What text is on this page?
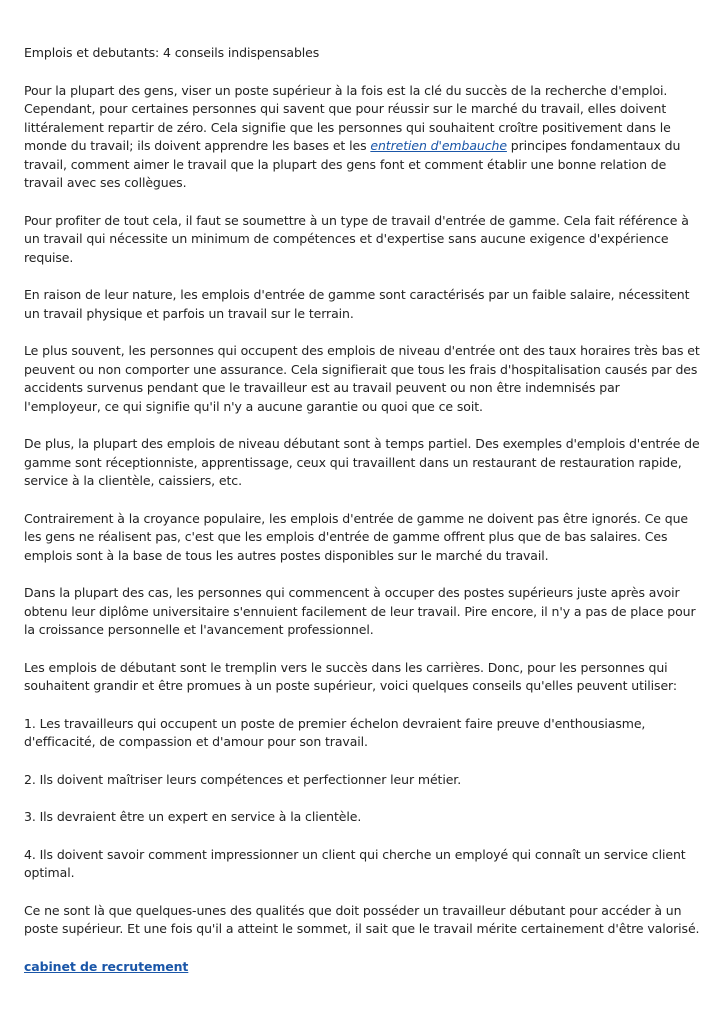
Emplois et debutants: 4 conseils indispensables

Pour la plupart des gens, viser un poste supérieur à la fois est la clé du succès de la recherche d'emploi. Cependant, pour certaines personnes qui savent que pour réussir sur le marché du travail, elles doivent littéralement repartir de zéro. Cela signifie que les personnes qui souhaitent croître positivement dans le monde du travail; ils doivent apprendre les bases et les entretien d'embauche principes fondamentaux du travail, comment aimer le travail que la plupart des gens font et comment établir une bonne relation de travail avec ses collègues.

Pour profiter de tout cela, il faut se soumettre à un type de travail d'entrée de gamme. Cela fait référence à un travail qui nécessite un minimum de compétences et d'expertise sans aucune exigence d'expérience requise.

En raison de leur nature, les emplois d'entrée de gamme sont caractérisés par un faible salaire, nécessitent un travail physique et parfois un travail sur le terrain.

Le plus souvent, les personnes qui occupent des emplois de niveau d'entrée ont des taux horaires très bas et peuvent ou non comporter une assurance. Cela signifierait que tous les frais d'hospitalisation causés par des accidents survenus pendant que le travailleur est au travail peuvent ou non être indemnisés par l'employeur, ce qui signifie qu'il n'y a aucune garantie ou quoi que ce soit.

De plus, la plupart des emplois de niveau débutant sont à temps partiel. Des exemples d'emplois d'entrée de gamme sont réceptionniste, apprentissage, ceux qui travaillent dans un restaurant de restauration rapide, service à la clientèle, caissiers, etc.

Contrairement à la croyance populaire, les emplois d'entrée de gamme ne doivent pas être ignorés. Ce que les gens ne réalisent pas, c'est que les emplois d'entrée de gamme offrent plus que de bas salaires. Ces emplois sont à la base de tous les autres postes disponibles sur le marché du travail.

Dans la plupart des cas, les personnes qui commencent à occuper des postes supérieurs juste après avoir obtenu leur diplôme universitaire s'ennuient facilement de leur travail. Pire encore, il n'y a pas de place pour la croissance personnelle et l'avancement professionnel.

Les emplois de débutant sont le tremplin vers le succès dans les carrières. Donc, pour les personnes qui souhaitent grandir et être promues à un poste supérieur, voici quelques conseils qu'elles peuvent utiliser:

1. Les travailleurs qui occupent un poste de premier échelon devraient faire preuve d'enthousiasme, d'efficacité, de compassion et d'amour pour son travail.

2. Ils doivent maîtriser leurs compétences et perfectionner leur métier.

3. Ils devraient être un expert en service à la clientèle.

4. Ils doivent savoir comment impressionner un client qui cherche un employé qui connaît un service client optimal.

Ce ne sont là que quelques-unes des qualités que doit posséder un travailleur débutant pour accéder à un poste supérieur. Et une fois qu'il a atteint le sommet, il sait que le travail mérite certainement d'être valorisé.

cabinet de recrutement
